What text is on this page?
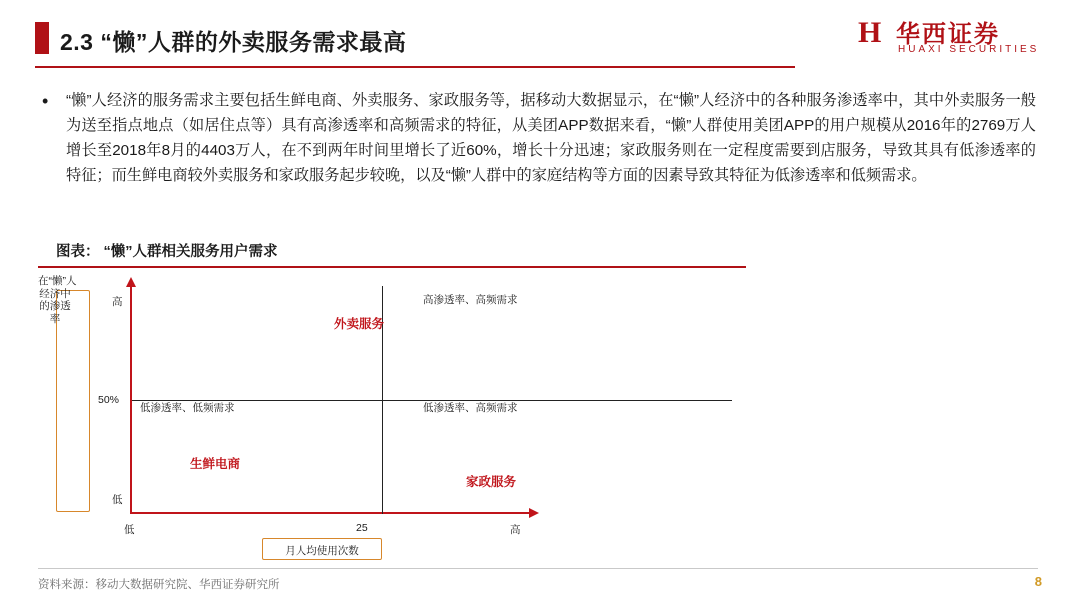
2.3 “懒”人群的外卖服务需求最高	H 华西证券
HUAXI SECURITIES
• “懒”人经济的服务需求主要包括生鲜电商、外卖服务、家政服务等，据移动大数据显示，在“懒”人经济中的各种服务渗透率中，其中外卖服务一般为送至指点地点（如居住点等）具有高渗透率和高频需求的特征，从美团APP数据来看，“懒”人群使用美团APP的用户规模从2016年的2769万人增长至2018年8月的4403万人，在不到两年时间里增长了近60%，增长十分迅速；家政服务则在一定程度需要到店服务，导致其具有低渗透率的特征；而生鲜电商较外卖服务和家政服务起步较晚，以及“懒”人群中的家庭结构等方面的因素导致其特征为低渗透率和低频需求。
图表： “懒”人群相关服务用户需求
在“懒”人经济中的渗透率
高
50%
低
低	25	高
高渗透率、高频需求
低渗透率、低频需求	低渗透率、高频需求
外卖服务
生鲜电商
家政服务
月人均使用次数
资料来源：移动大数据研究院、华西证券研究所	8
